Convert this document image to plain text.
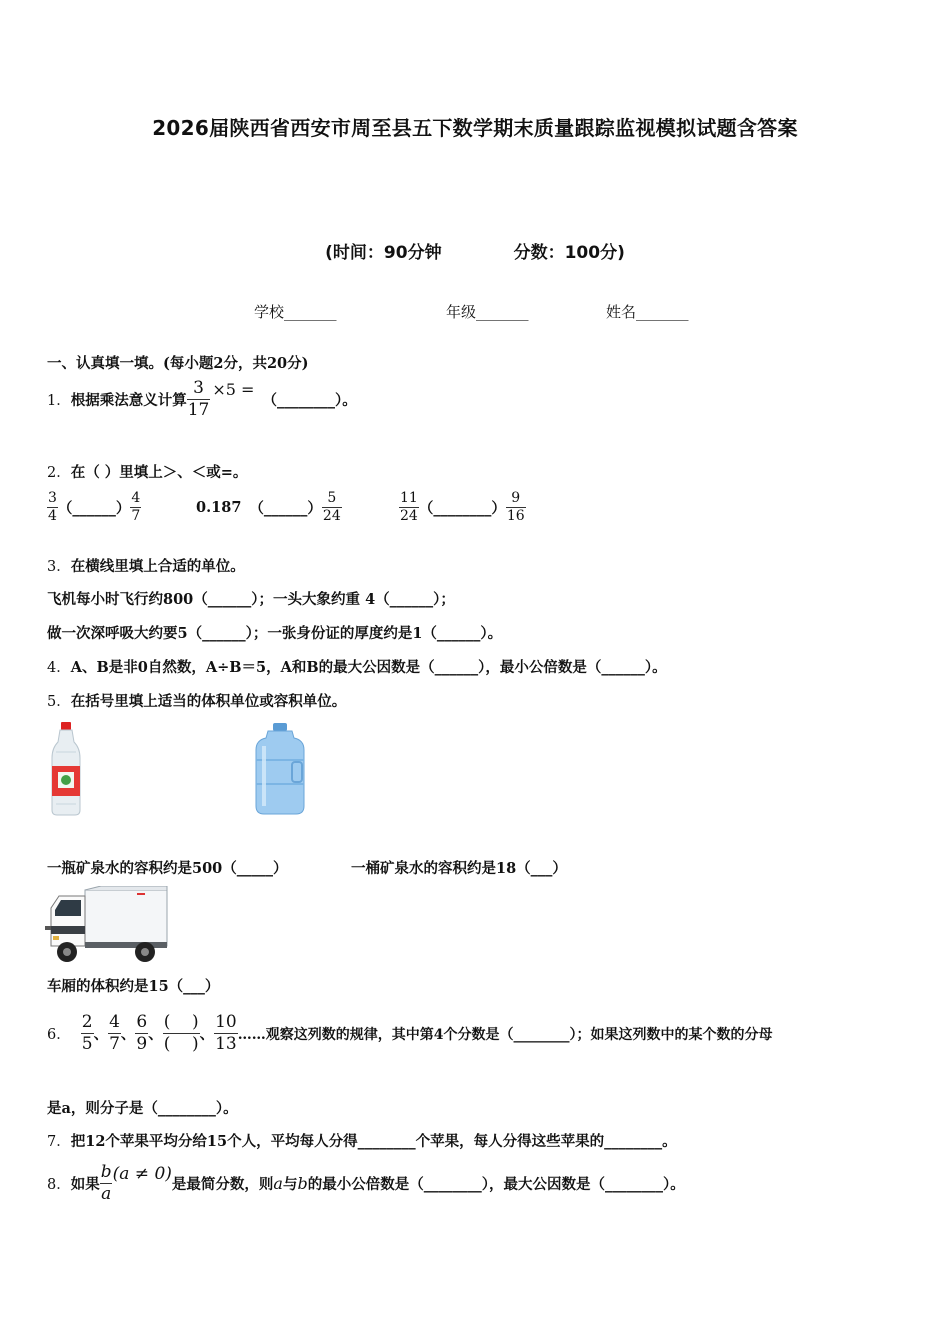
2026届陕西省西安市周至县五下数学期末质量跟踪监视模拟试题含答案
(时间：90分钟	分数：100分)
学校_______	年级_______	姓名_______
一、认真填一填。(每小题2分，共20分)
1． 根据乘法意义计算 $\frac{3}{17} \times 5$ =
（________）。
2．在（ ）里填上＞、＜或=。
$\frac{3}{4}$ （______） $\frac{4}{7}$	0.187 （______） $\frac{5}{24}$	$\frac{11}{24}$ （________） $\frac{9}{16}$
3．在横线里填上合适的单位。
飞机每小时飞行约800（______）；一头大象约重 4（______）；
做一次深呼吸大约要5（______）；一张身份证的厚度约是1（______）。
4．A、B是非0自然数，A÷B＝5，A和B的最大公因数是（______），最小公倍数是（______）。
5．在括号里填上适当的体积单位或容积单位。
一瓶矿泉水的容积约是500（_____）	一桶矿泉水的容积约是18（___）
车厢的体积约是15（___）
6． $\frac{2}{5}$ 、 $\frac{4}{7}$ 、 $\frac{6}{9}$ 、 $\frac{( )}{( )}$ 、 $\frac{10}{13}$ ……观察这列数的规律，其中第4个分数是（________）；如果这列数中的某个数的分母
是a，则分子是（________）。
7．把12个苹果平均分给15个人，平均每人分得________个苹果，每人分得这些苹果的________。
8． 如果 $\frac{b}{a} (a \ne 0)$
是最简分数，则 a 与 b 的最小公倍数是（________），最大公因数是（________）。
